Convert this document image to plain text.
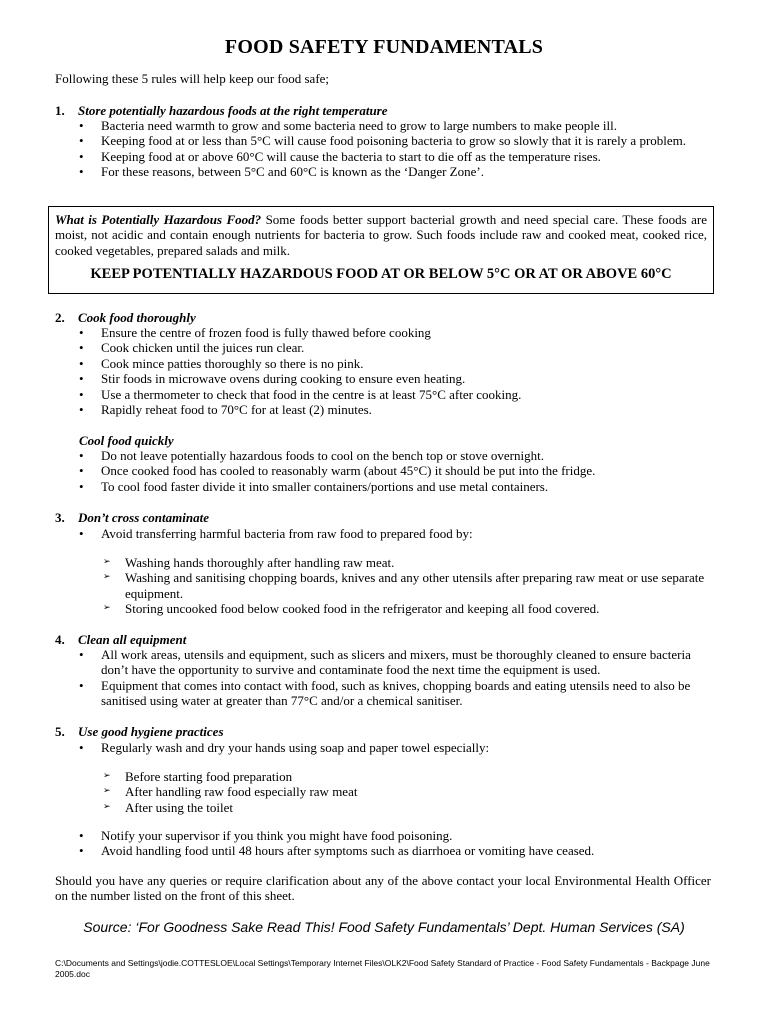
FOOD SAFETY FUNDAMENTALS
Following these 5 rules will help keep our food safe;
1. Store potentially hazardous foods at the right temperature
• Bacteria need warmth to grow and some bacteria need to grow to large numbers to make people ill.
• Keeping food at or less than 5°C will cause food poisoning bacteria to grow so slowly that it is rarely a problem.
• Keeping food at or above 60°C will cause the bacteria to start to die off as the temperature rises.
• For these reasons, between 5°C and 60°C is known as the ‘Danger Zone’.

What is Potentially Hazardous Food? Some foods better support bacterial growth and need special care. These foods are moist, not acidic and contain enough nutrients for bacteria to grow. Such foods include raw and cooked meat, cooked rice, cooked vegetables, prepared salads and milk.

KEEP POTENTIALLY HAZARDOUS FOOD AT OR BELOW 5°C OR AT OR ABOVE 60°C

2. Cook food thoroughly
• Ensure the centre of frozen food is fully thawed before cooking
• Cook chicken until the juices run clear.
• Cook mince patties thoroughly so there is no pink.
• Stir foods in microwave ovens during cooking to ensure even heating.
• Use a thermometer to check that food in the centre is at least 75°C after cooking.
• Rapidly reheat food to 70°C for at least (2) minutes.
Cool food quickly
• Do not leave potentially hazardous foods to cool on the bench top or stove overnight.
• Once cooked food has cooled to reasonably warm (about 45°C) it should be put into the fridge.
• To cool food faster divide it into smaller containers/portions and use metal containers.
3. Don’t cross contaminate
• Avoid transferring harmful bacteria from raw food to prepared food by:
➢ Washing hands thoroughly after handling raw meat.
➢ Washing and sanitising chopping boards, knives and any other utensils after preparing raw meat or use separate equipment.
➢ Storing uncooked food below cooked food in the refrigerator and keeping all food covered.
4. Clean all equipment
• All work areas, utensils and equipment, such as slicers and mixers, must be thoroughly cleaned to ensure bacteria don’t have the opportunity to survive and contaminate food the next time the equipment is used.
• Equipment that comes into contact with food, such as knives, chopping boards and eating utensils need to also be sanitised using water at greater than 77°C and/or a chemical sanitiser.
5. Use good hygiene practices
• Regularly wash and dry your hands using soap and paper towel especially:
➢ Before starting food preparation
➢ After handling raw food especially raw meat
➢ After using the toilet
• Notify your supervisor if you think you might have food poisoning.
• Avoid handling food until 48 hours after symptoms such as diarrhoea or vomiting have ceased.
Should you have any queries or require clarification about any of the above contact your local Environmental Health Officer on the number listed on the front of this sheet.
Source: ‘For Goodness Sake Read This! Food Safety Fundamentals’ Dept. Human Services (SA)
C:\Documents and Settings\jodie.COTTESLOE\Local Settings\Temporary Internet Files\OLK2\Food Safety Standard of Practice - Food Safety Fundamentals - Backpage June 2005.doc
